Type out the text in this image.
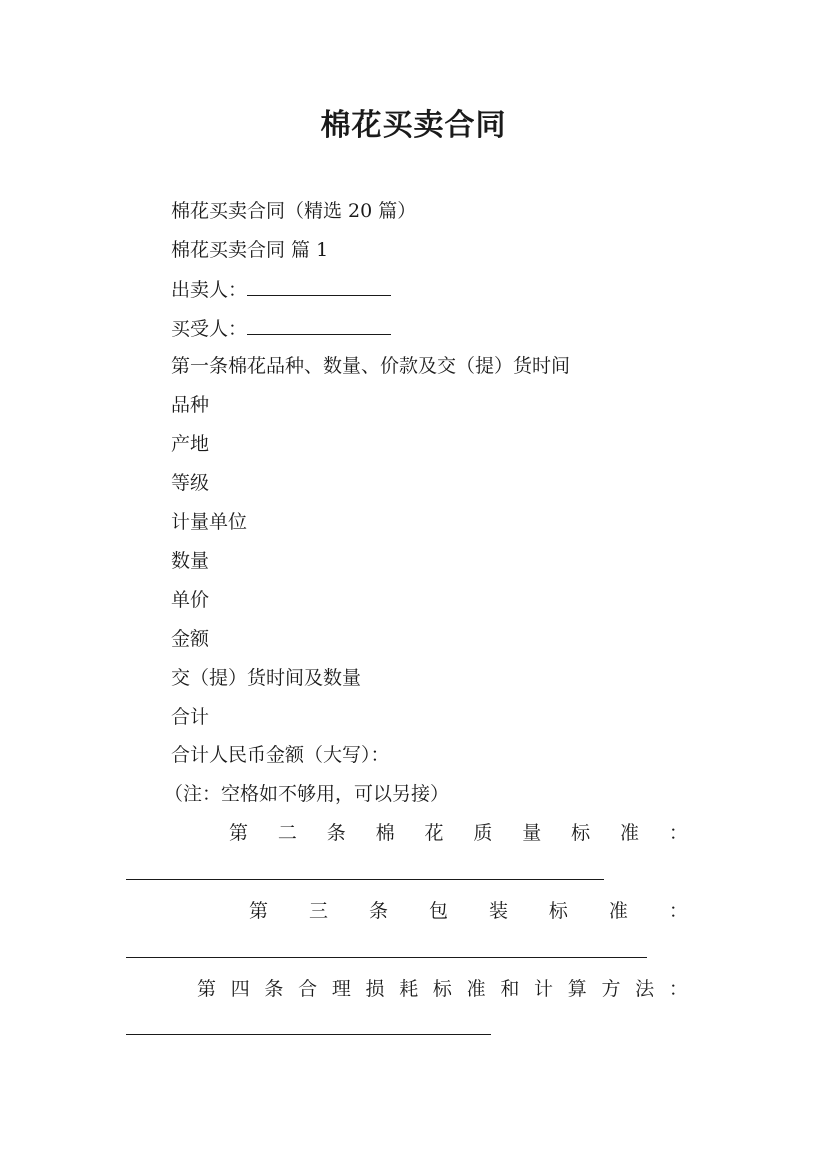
棉花买卖合同
棉花买卖合同（精选 20 篇）
棉花买卖合同 篇 1
出卖人：
买受人：
第一条棉花品种、数量、价款及交（提）货时间
品种
产地
等级
计量单位
数量
单价
金额
交（提）货时间及数量
合计
合计人民币金额（大写）：
（注：空格如不够用，可以另接）
第 二 条 棉 花 质 量 标 准 ：
第 三 条 包 装 标 准 ：
第 四 条 合 理 损 耗 标 准 和 计 算 方 法 ：
